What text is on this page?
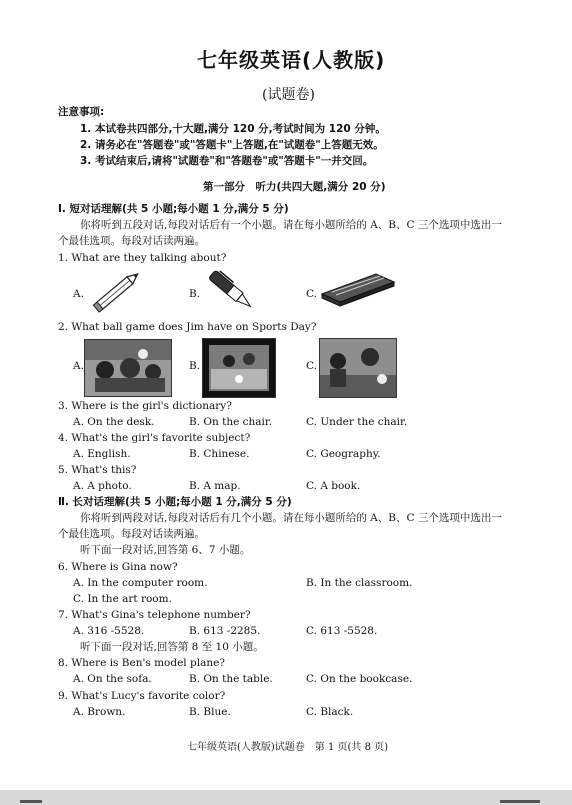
七年级英语(人教版)
(试题卷)
注意事项:
1. 本试卷共四部分,十大题,满分 120 分,考试时间为 120 分钟。
2. 请务必在"答题卷"或"答题卡"上答题,在"试题卷"上答题无效。
3. 考试结束后,请将"试题卷"和"答题卷"或"答题卡"一并交回。
第一部分　听力(共四大题,满分 20 分)
Ⅰ. 短对话理解(共 5 小题;每小题 1 分,满分 5 分)
你将听到五段对话,每段对话后有一个小题。请在每小题所给的 A、B、C 三个选项中选出一
个最佳选项。每段对话读两遍。
1. What are they talking about?
A.	B.	C.
2. What ball game does Jim have on Sports Day?
A.	B.	C.
3. Where is the girl's dictionary?
A. On the desk.	B. On the chair.	C. Under the chair.
4. What's the girl's favorite subject?
A. English.	B. Chinese.	C. Geography.
5. What's this?
A. A photo.	B. A map.	C. A book.
Ⅱ. 长对话理解(共 5 小题;每小题 1 分,满分 5 分)
你将听到两段对话,每段对话后有几个小题。请在每小题所给的 A、B、C 三个选项中选出一
个最佳选项。每段对话读两遍。
听下面一段对话,回答第 6、7 小题。
6. Where is Gina now?
A. In the computer room.	B. In the classroom.
C. In the art room.
7. What's Gina's telephone number?
A. 316 -5528.	B. 613 -2285.	C. 613 -5528.
听下面一段对话,回答第 8 至 10 小题。
8. Where is Ben's model plane?
A. On the sofa.	B. On the table.	C. On the bookcase.
9. What's Lucy's favorite color?
A. Brown.	B. Blue.	C. Black.
七年级英语(人教版)试题卷　第 1 页(共 8 页)
